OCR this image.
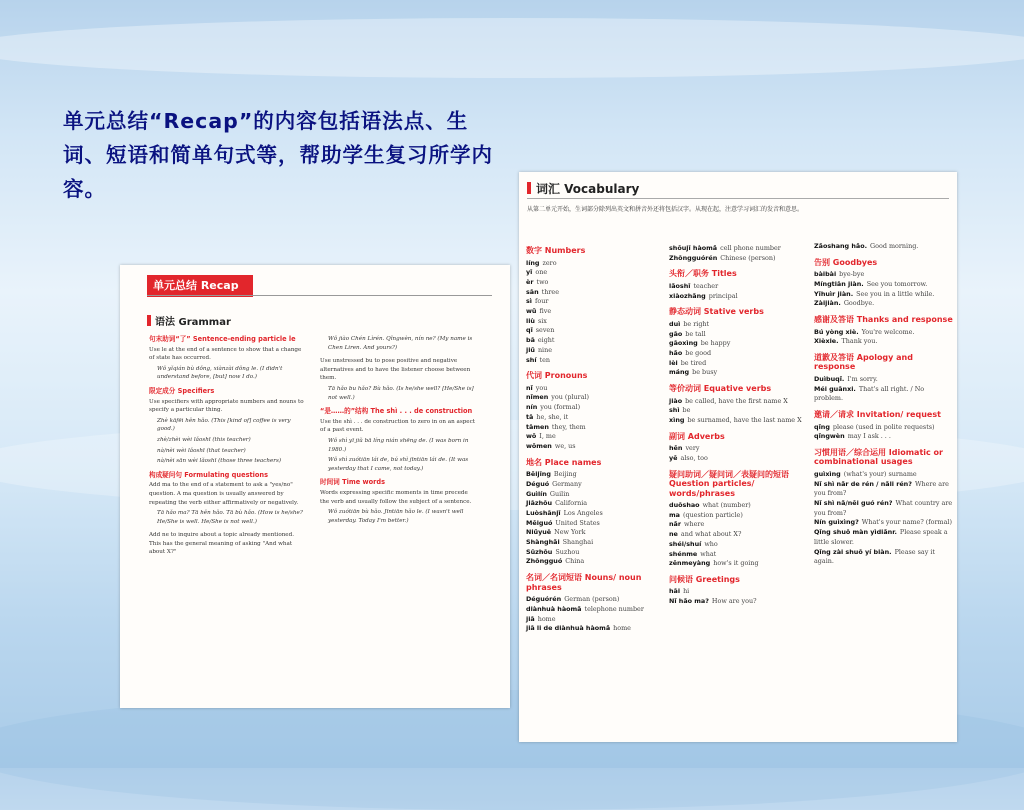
单元总结“Recap”的内容包括语法点、生词、短语和简单句式等，帮助学生复习所学内容。
单元总结 Recap
语法 Grammar
句末助词“了” Sentence-ending particle le
Use le at the end of a sentence to show that a change of state has occurred.
Wǒ yǐqián bù dǒng, xiànzài dǒng le. (I didn't understand before, [but] now I do.)
限定成分 Specifiers
Use specifiers with appropriate numbers and nouns to specify a particular thing.
Zhè kāfēi hěn hǎo. (This [kind of] coffee is very good.)
zhè/zhèi wèi lǎoshī (this teacher)
nà/nèi wèi lǎoshī (that teacher)
nà/nèi sān wèi lǎoshī (those three teachers)
构成疑问句 Formulating questions
Add ma to the end of a statement to ask a "yes/no" question. A ma question is usually answered by repeating the verb either affirmatively or negatively.
Tā hǎo ma? Tā hěn hǎo. Tā bù hǎo. (How is he/she? He/She is well. He/She is not well.)
Add ne to inquire about a topic already mentioned. This has the general meaning of asking "And what about X?"
Wǒ jiào Chén Lìrén. Qǐngwèn, nín ne? (My name is Chen Liren. And yours?)
Use unstressed bu to pose positive and negative alternatives and to have the listener choose between them.
Tā hǎo bu hǎo? Bù hǎo. (Is he/she well? [He/She is] not well.)
“是……的”结构 The shì . . . de construction
Use the shì . . . de construction to zero in on an aspect of a past event.
Wǒ shì yī jiǔ bā líng nián shēng de. (I was born in 1980.)
Wǒ shì zuótiān lái de, bú shì jīntiān lái de. (It was yesterday that I came, not today.)
时间词 Time words
Words expressing specific moments in time precede the verb and usually follow the subject of a sentence.
Wǒ zuótiān bù hǎo. Jīntiān hǎo le. (I wasn't well yesterday. Today I'm better.)
词汇 Vocabulary
从第二单元开始，生词部分除列出英文和拼音外还将包括汉字。从现在起，注意学习词汇的发音和意思。
数字 Numbers
líng zero
yī one
èr two
sān three
sì four
wǔ five
liù six
qī seven
bā eight
jiǔ nine
shí ten
代词 Pronouns
nǐ you
nǐmen you (plural)
nín you (formal)
tā he, she, it
tāmen they, them
wǒ I, me
wǒmen we, us
地名 Place names
Běijīng Beijing
Déguó Germany
Guìlín Guilin
Jiāzhōu California
Luòshānjī Los Angeles
Měiguó United States
Niǔyuē New York
Shànghǎi Shanghai
Sūzhōu Suzhou
Zhōngguó China
名词／名词短语 Nouns/ noun phrases
Déguórén German (person)
diànhuà hàomǎ telephone number
jiā home
jiā li de diànhuà hàomǎ home
shǒujī hàomǎ cell phone number
Zhōngguórén Chinese (person)
头衔／职务 Titles
lǎoshī teacher
xiàozhǎng principal
静态动词 Stative verbs
duì be right
gāo be tall
gāoxìng be happy
hǎo be good
lèi be tired
máng be busy
等价动词 Equative verbs
jiào be called, have the first name X
shì be
xìng be surnamed, have the last name X
副词 Adverbs
hěn very
yě also, too
疑问助词／疑问词／表疑问的短语 Question particles/ words/phrases
duōshao what (number)
ma (question particle)
nǎr where
ne and what about X?
shéi/shuí who
shénme what
zěnmeyàng how's it going
问候语 Greetings
hāi hi
Nǐ hǎo ma? How are you?
Zǎoshang hǎo. Good morning.
告别 Goodbyes
bàibài bye-bye
Míngtiān jiàn. See you tomorrow.
Yīhuìr jiàn. See you in a little while.
Zàijiàn. Goodbye.
感谢及答语 Thanks and response
Bú yòng xiè. You're welcome.
Xièxie. Thank you.
道歉及答语 Apology and response
Duìbuqǐ. I'm sorry.
Méi guānxi. That's all right. / No problem.
邀请／请求 Invitation/ request
qǐng please (used in polite requests)
qǐngwèn may I ask . . .
习惯用语／综合运用 Idiomatic or combinational usages
guìxìng (what's your) surname
Nǐ shì nǎr de rén / nǎli rén? Where are you from?
Nǐ shì nǎ/něi guó rén? What country are you from?
Nín guìxìng? What's your name? (formal)
Qǐng shuō màn yìdiǎnr. Please speak a little slower.
Qǐng zài shuō yí biàn. Please say it again.
